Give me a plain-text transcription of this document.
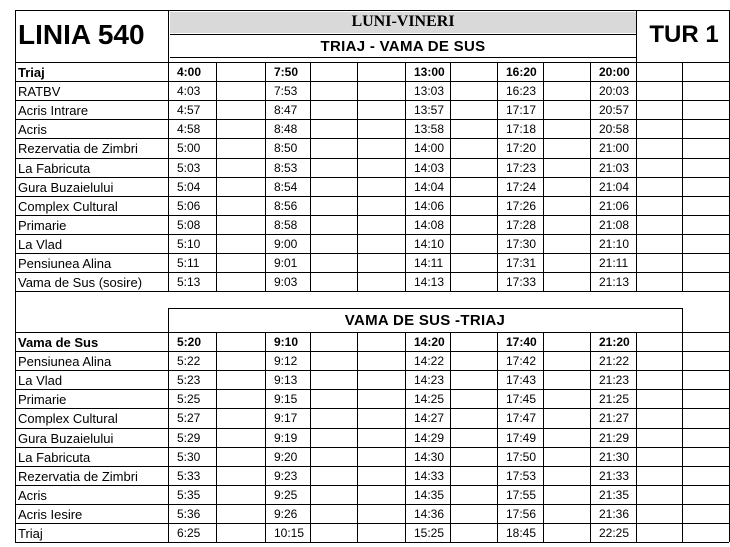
LINIA 540	LUNI-VINERI
TRIAJ - VAMA DE SUS	TUR 1
VAMA DE SUS -TRIAJ
Triaj
RATBV
Acris Intrare
Acris
Rezervatia de Zimbri
La Fabricuta
Gura Buzaielului
Complex Cultural
Primarie
La Vlad
Pensiunea Alina
Vama de Sus (sosire)
4:00
4:03
4:57
4:58
5:00
5:03
5:04
5:06
5:08
5:10
5:11
5:13
7:50
7:53
8:47
8:48
8:50
8:53
8:54
8:56
8:58
9:00
9:01
9:03
13:00
13:03
13:57
13:58
14:00
14:03
14:04
14:06
14:08
14:10
14:11
14:13
16:20
16:23
17:17
17:18
17:20
17:23
17:24
17:26
17:28
17:30
17:31
17:33
20:00
20:03
20:57
20:58
21:00
21:03
21:04
21:06
21:08
21:10
21:11
21:13
Vama de Sus
Pensiunea Alina
La Vlad
Primarie
Complex Cultural
Gura Buzaielului
La Fabricuta
Rezervatia de Zimbri
Acris
Acris Iesire
Triaj
5:20
5:22
5:23
5:25
5:27
5:29
5:30
5:33
5:35
5:36
6:25
9:10
9:12
9:13
9:15
9:17
9:19
9:20
9:23
9:25
9:26
10:15
14:20
14:22
14:23
14:25
14:27
14:29
14:30
14:33
14:35
14:36
15:25
17:40
17:42
17:43
17:45
17:47
17:49
17:50
17:53
17:55
17:56
18:45
21:20
21:22
21:23
21:25
21:27
21:29
21:30
21:33
21:35
21:36
22:25
